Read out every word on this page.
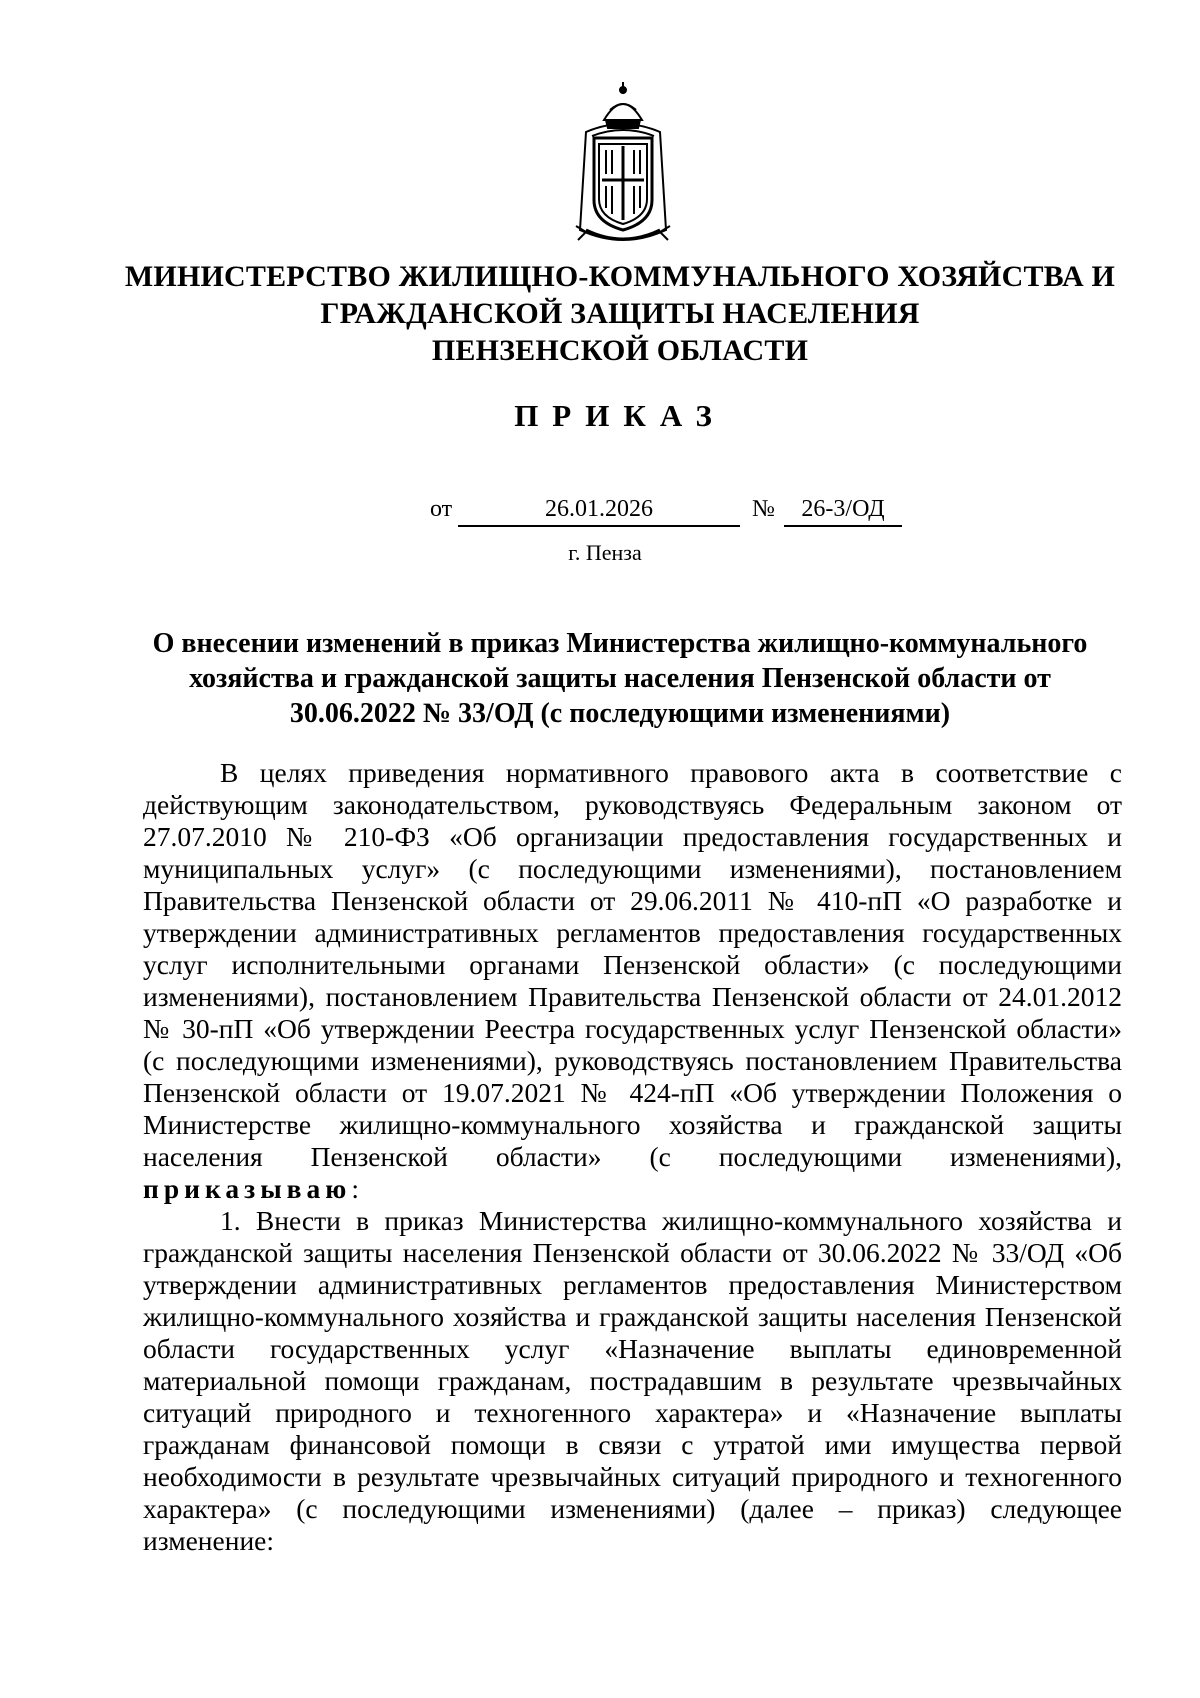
МИНИСТЕРСТВО ЖИЛИЩНО-КОММУНАЛЬНОГО ХОЗЯЙСТВА И
ГРАЖДАНСКОЙ ЗАЩИТЫ НАСЕЛЕНИЯ
ПЕНЗЕНСКОЙ ОБЛАСТИ
ПРИКАЗ
от	26.01.2026	№	26-3/ОД
г. Пенза
О внесении изменений в приказ Министерства жилищно-коммунального
хозяйства и гражданской защиты населения Пензенской области от
30.06.2022 № 33/ОД (с последующими изменениями)

В целях приведения нормативного правового акта в соответствие с действующим законодательством, руководствуясь Федеральным законом от 27.07.2010 № 210-ФЗ «Об организации предоставления государственных и муниципальных услуг» (с последующими изменениями), постановлением Правительства Пензенской области от 29.06.2011 № 410-пП «О разработке и утверждении административных регламентов предоставления государственных услуг исполнительными органами Пензенской области» (с последующими изменениями), постановлением Правительства Пензенской области от 24.01.2012 № 30-пП «Об утверждении Реестра государственных услуг Пензенской области» (с последующими изменениями), руководствуясь постановлением Правительства Пензенской области от 19.07.2021 № 424-пП «Об утверждении Положения о Министерстве жилищно-коммунального хозяйства и гражданской защиты населения Пензенской области» (с последующими изменениями), приказываю:

1. Внести в приказ Министерства жилищно-коммунального хозяйства и гражданской защиты населения Пензенской области от 30.06.2022 № 33/ОД «Об утверждении административных регламентов предоставления Министерством жилищно-коммунального хозяйства и гражданской защиты населения Пензенской области государственных услуг «Назначение выплаты единовременной материальной помощи гражданам, пострадавшим в результате чрезвычайных ситуаций природного и техногенного характера» и «Назначение выплаты гражданам финансовой помощи в связи с утратой ими имущества первой необходимости в результате чрезвычайных ситуаций природного и техногенного характера» (с последующими изменениями) (далее – приказ) следующее изменение:
